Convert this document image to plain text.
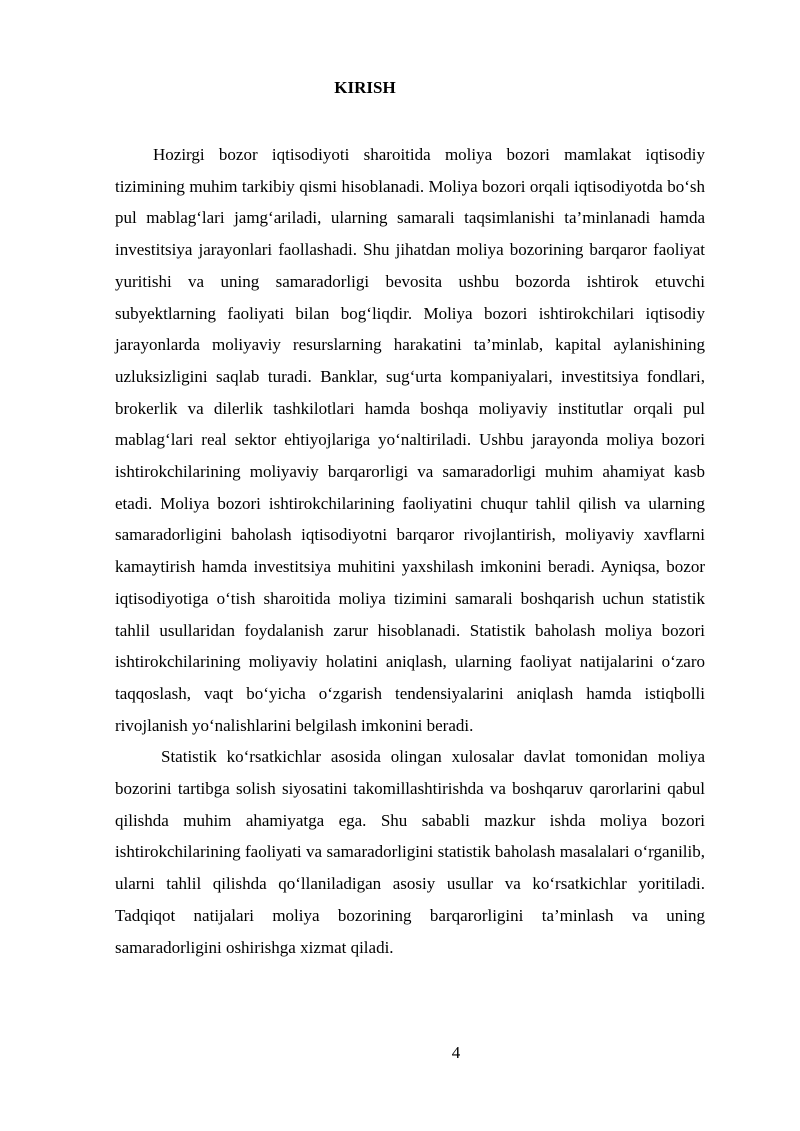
KIRISH

Hozirgi bozor iqtisodiyoti sharoitida moliya bozori mamlakat iqtisodiy tizimining muhim tarkibiy qismi hisoblanadi. Moliya bozori orqali iqtisodiyotda bo‘sh pul mablag‘lari jamg‘ariladi, ularning samarali taqsimlanishi ta’minlanadi hamda investitsiya jarayonlari faollashadi. Shu jihatdan moliya bozorining barqaror faoliyat yuritishi va uning samaradorligi bevosita ushbu bozorda ishtirok etuvchi subyektlarning faoliyati bilan bog‘liqdir. Moliya bozori ishtirokchilari iqtisodiy jarayonlarda moliyaviy resurslarning harakatini ta’minlab, kapital aylanishining uzluksizligini saqlab turadi. Banklar, sug‘urta kompaniyalari, investitsiya fondlari, brokerlik va dilerlik tashkilotlari hamda boshqa moliyaviy institutlar orqali pul mablag‘lari real sektor ehtiyojlariga yo‘naltiriladi. Ushbu jarayonda moliya bozori ishtirokchilarining moliyaviy barqarorligi va samaradorligi muhim ahamiyat kasb etadi. Moliya bozori ishtirokchilarining faoliyatini chuqur tahlil qilish va ularning samaradorligini baholash iqtisodiyotni barqaror rivojlantirish, moliyaviy xavflarni kamaytirish hamda investitsiya muhitini yaxshilash imkonini beradi. Ayniqsa, bozor iqtisodiyotiga o‘tish sharoitida moliya tizimini samarali boshqarish uchun statistik tahlil usullaridan foydalanish zarur hisoblanadi. Statistik baholash moliya bozori ishtirokchilarining moliyaviy holatini aniqlash, ularning faoliyat natijalarini o‘zaro taqqoslash, vaqt bo‘yicha o‘zgarish tendensiyalarini aniqlash hamda istiqbolli rivojlanish yo‘nalishlarini belgilash imkonini beradi.

Statistik ko‘rsatkichlar asosida olingan xulosalar davlat tomonidan moliya bozorini tartibga solish siyosatini takomillashtirishda va boshqaruv qarorlarini qabul qilishda muhim ahamiyatga ega. Shu sababli mazkur ishda moliya bozori ishtirokchilarining faoliyati va samaradorligini statistik baholash masalalari o‘rganilib, ularni tahlil qilishda qo‘llaniladigan asosiy usullar va ko‘rsatkichlar yoritiladi. Tadqiqot natijalari moliya bozorining barqarorligini ta’minlash va uning samaradorligini oshirishga xizmat qiladi.

4
